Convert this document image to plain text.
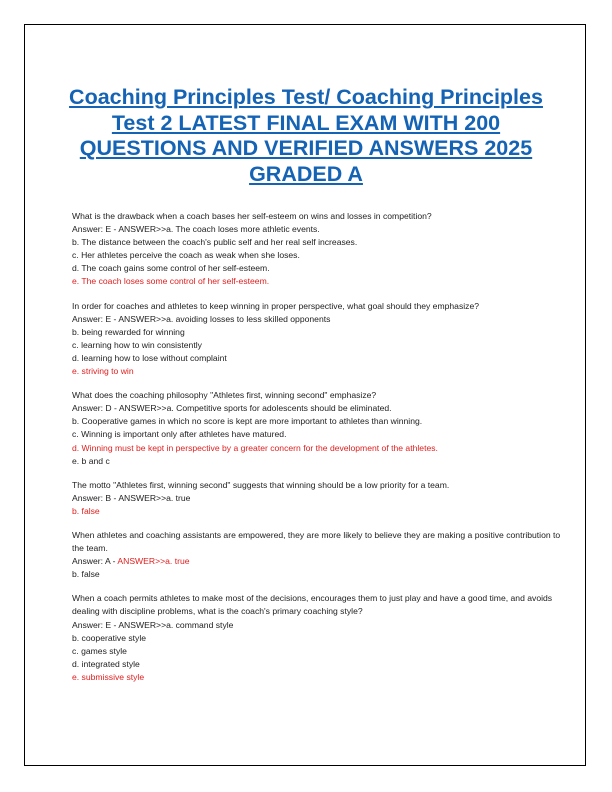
Coaching Principles Test/ Coaching Principles Test 2 LATEST FINAL EXAM WITH 200 QUESTIONS AND VERIFIED ANSWERS 2025 GRADED A
What is the drawback when a coach bases her self-esteem on wins and losses in competition?
Answer: E - ANSWER>>a. The coach loses more athletic events.
b. The distance between the coach's public self and her real self increases.
c. Her athletes perceive the coach as weak when she loses.
d. The coach gains some control of her self-esteem.
e. The coach loses some control of her self-esteem.
In order for coaches and athletes to keep winning in proper perspective, what goal should they emphasize?
Answer: E - ANSWER>>a. avoiding losses to less skilled opponents
b. being rewarded for winning
c. learning how to win consistently
d. learning how to lose without complaint
e. striving to win
What does the coaching philosophy "Athletes first, winning second" emphasize?
Answer: D - ANSWER>>a. Competitive sports for adolescents should be eliminated.
b. Cooperative games in which no score is kept are more important to athletes than winning.
c. Winning is important only after athletes have matured.
d. Winning must be kept in perspective by a greater concern for the development of the athletes.
e. b and c
The motto "Athletes first, winning second" suggests that winning should be a low priority for a team.
Answer: B - ANSWER>>a. true
b. false
When athletes and coaching assistants are empowered, they are more likely to believe they are making a positive contribution to the team.
Answer: A - ANSWER>>a. true
b. false
When a coach permits athletes to make most of the decisions, encourages them to just play and have a good time, and avoids dealing with discipline problems, what is the coach's primary coaching style?
Answer: E - ANSWER>>a. command style
b. cooperative style
c. games style
d. integrated style
e. submissive style
